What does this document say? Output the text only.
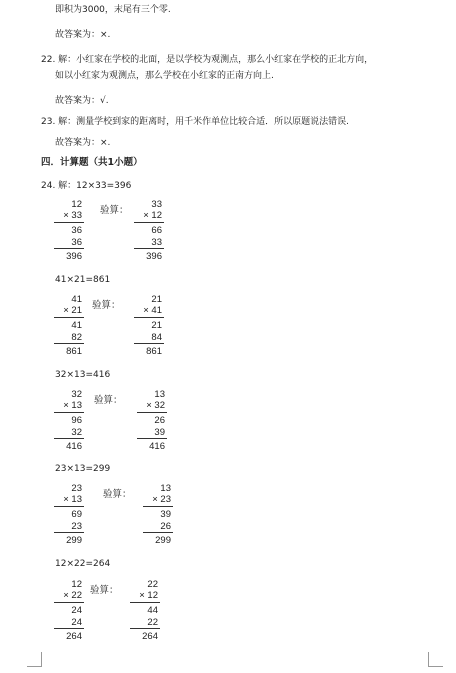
即积为3000，末尾有三个零.
故答案为：×.
22. 解：小红家在学校的北面，是以学校为观测点，那么小红家在学校的正北方向，
如以小红家为观测点，那么学校在小红家的正南方向上.
故答案为：√.
23. 解：测量学校到家的距离时，用千米作单位比较合适．所以原题说法错误.
故答案为：×.
四．计算题（共1小题）
24. 解：12×33=396
41×21=861
32×13=416
23×13=299
12×22=264
12
× 33
36
36
396
33
× 12
66
33
396
验算：
41
× 21
41
82
861
21
× 41
21
84
861
验算：
32
× 13
96
32
416
13
× 32
26
39
416
验算：
23
× 13
69
23
299
13
× 23
39
26
299
验算：
12
× 22
24
24
264
22
× 12
44
22
264
验算：
